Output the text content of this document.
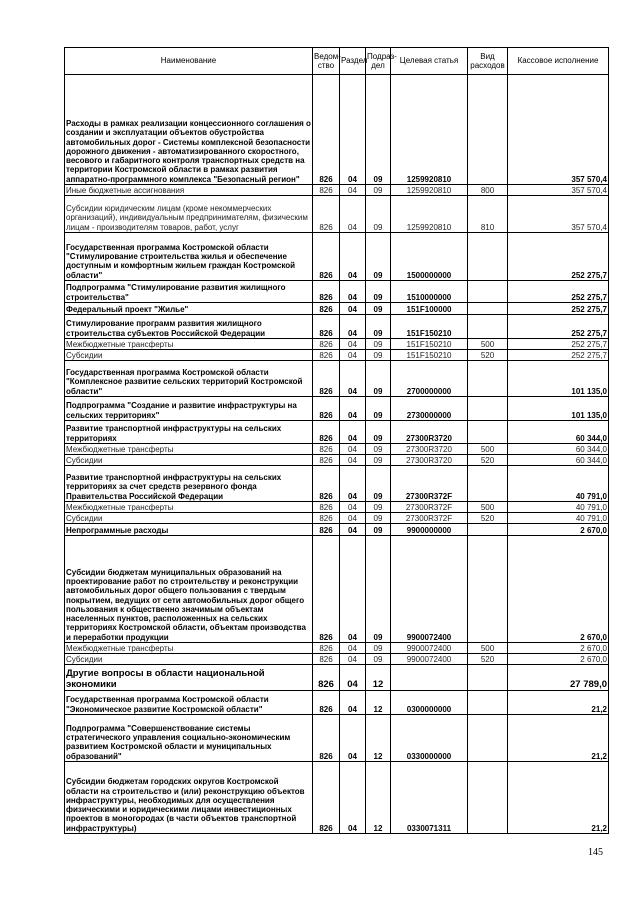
Наименование	Ведом-ство	Раздел	Подраз-дел	Целевая статья	Вид расходов	Кассовое исполнение
Расходы в рамках реализации концессионного соглашения о создании и эксплуатации объектов обустройства автомобильных дорог - Системы комплексной безопасности дорожного движения - автоматизированного скоростного, весового и габаритного контроля транспортных средств на территории Костромской области в рамках развития аппаратно-программного комплекса "Безопасный регион"	826	04	09	1259920810		357 570,4
Иные бюджетные ассигнования	826	04	09	1259920810	800	357 570,4
Субсидии юридическим лицам (кроме некоммерческих организаций), индивидуальным предпринимателям, физическим лицам - производителям товаров, работ, услуг	826	04	09	1259920810	810	357 570,4
Государственная программа Костромской области "Стимулирование строительства жилья и обеспечение доступным и комфортным жильем граждан Костромской области"	826	04	09	1500000000		252 275,7
Подпрограмма "Стимулирование развития жилищного строительства"	826	04	09	1510000000		252 275,7
Федеральный проект "Жилье"	826	04	09	151F100000		252 275,7
Стимулирование программ развития жилищного строительства субъектов Российской Федерации	826	04	09	151F150210		252 275,7
Межбюджетные трансферты	826	04	09	151F150210	500	252 275,7
Субсидии	826	04	09	151F150210	520	252 275,7
Государственная программа Костромской области "Комплексное развитие сельских территорий Костромской области"	826	04	09	2700000000		101 135,0
Подпрограмма "Создание и развитие инфраструктуры на сельских территориях"	826	04	09	2730000000		101 135,0
Развитие транспортной инфраструктуры на сельских территориях	826	04	09	27300R3720		60 344,0
Межбюджетные трансферты	826	04	09	27300R3720	500	60 344,0
Субсидии	826	04	09	27300R3720	520	60 344,0
Развитие транспортной инфраструктуры на сельских территориях за счет средств резервного фонда Правительства Российской Федерации	826	04	09	27300R372F		40 791,0
Межбюджетные трансферты	826	04	09	27300R372F	500	40 791,0
Субсидии	826	04	09	27300R372F	520	40 791,0
Непрограммные расходы	826	04	09	9900000000		2 670,0
Субсидии бюджетам муниципальных образований на проектирование работ по строительству и реконструкции автомобильных дорог общего пользования с твердым покрытием, ведущих от сети автомобильных дорог общего пользования к общественно значимым объектам населенных пунктов, расположенных на сельских территориях Костромской области, объектам производства и переработки продукции	826	04	09	9900072400		2 670,0
Межбюджетные трансферты	826	04	09	9900072400	500	2 670,0
Субсидии	826	04	09	9900072400	520	2 670,0
Другие вопросы в области национальной экономики	826	04	12			27 789,0
Государственная программа Костромской области "Экономическое развитие Костромской области"	826	04	12	0300000000		21,2
Подпрограмма "Совершенствование системы стратегического управления социально-экономическим развитием Костромской области и муниципальных образований"	826	04	12	0330000000		21,2
Субсидии бюджетам городских округов Костромской области на строительство и (или) реконструкцию объектов инфраструктуры, необходимых для осуществления физическими и юридическими лицами инвестиционных проектов в моногородах (в части объектов транспортной инфраструктуры)	826	04	12	0330071311		21,2
145
